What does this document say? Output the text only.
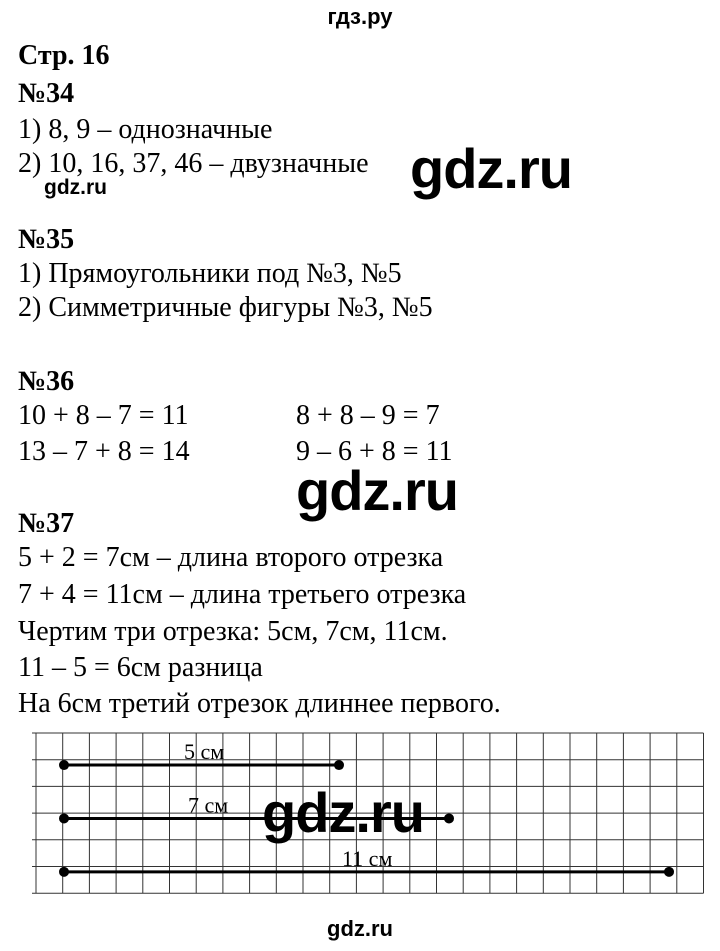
гдз.ру
Стр. 16
№34
1) 8, 9 – однозначные
2) 10, 16, 37, 46 – двузначные gdz.ru
gdz.ru
№35
1) Прямоугольники под №3, №5
2) Симметричные фигуры №3, №5
№36
10 + 8 – 7 = 11	8 + 8 – 9 = 7
13 – 7 + 8 = 14	9 – 6 + 8 = 11
gdz.ru
№37
5 + 2 = 7см – длина второго отрезка
7 + 4 = 11см – длина третьего отрезка
Чертим три отрезка: 5см, 7см, 11см.
11 – 5 = 6см разница
На 6см третий отрезок длиннее первого.
5 см
7 см
11 см
gdz.ru
gdz.ru
